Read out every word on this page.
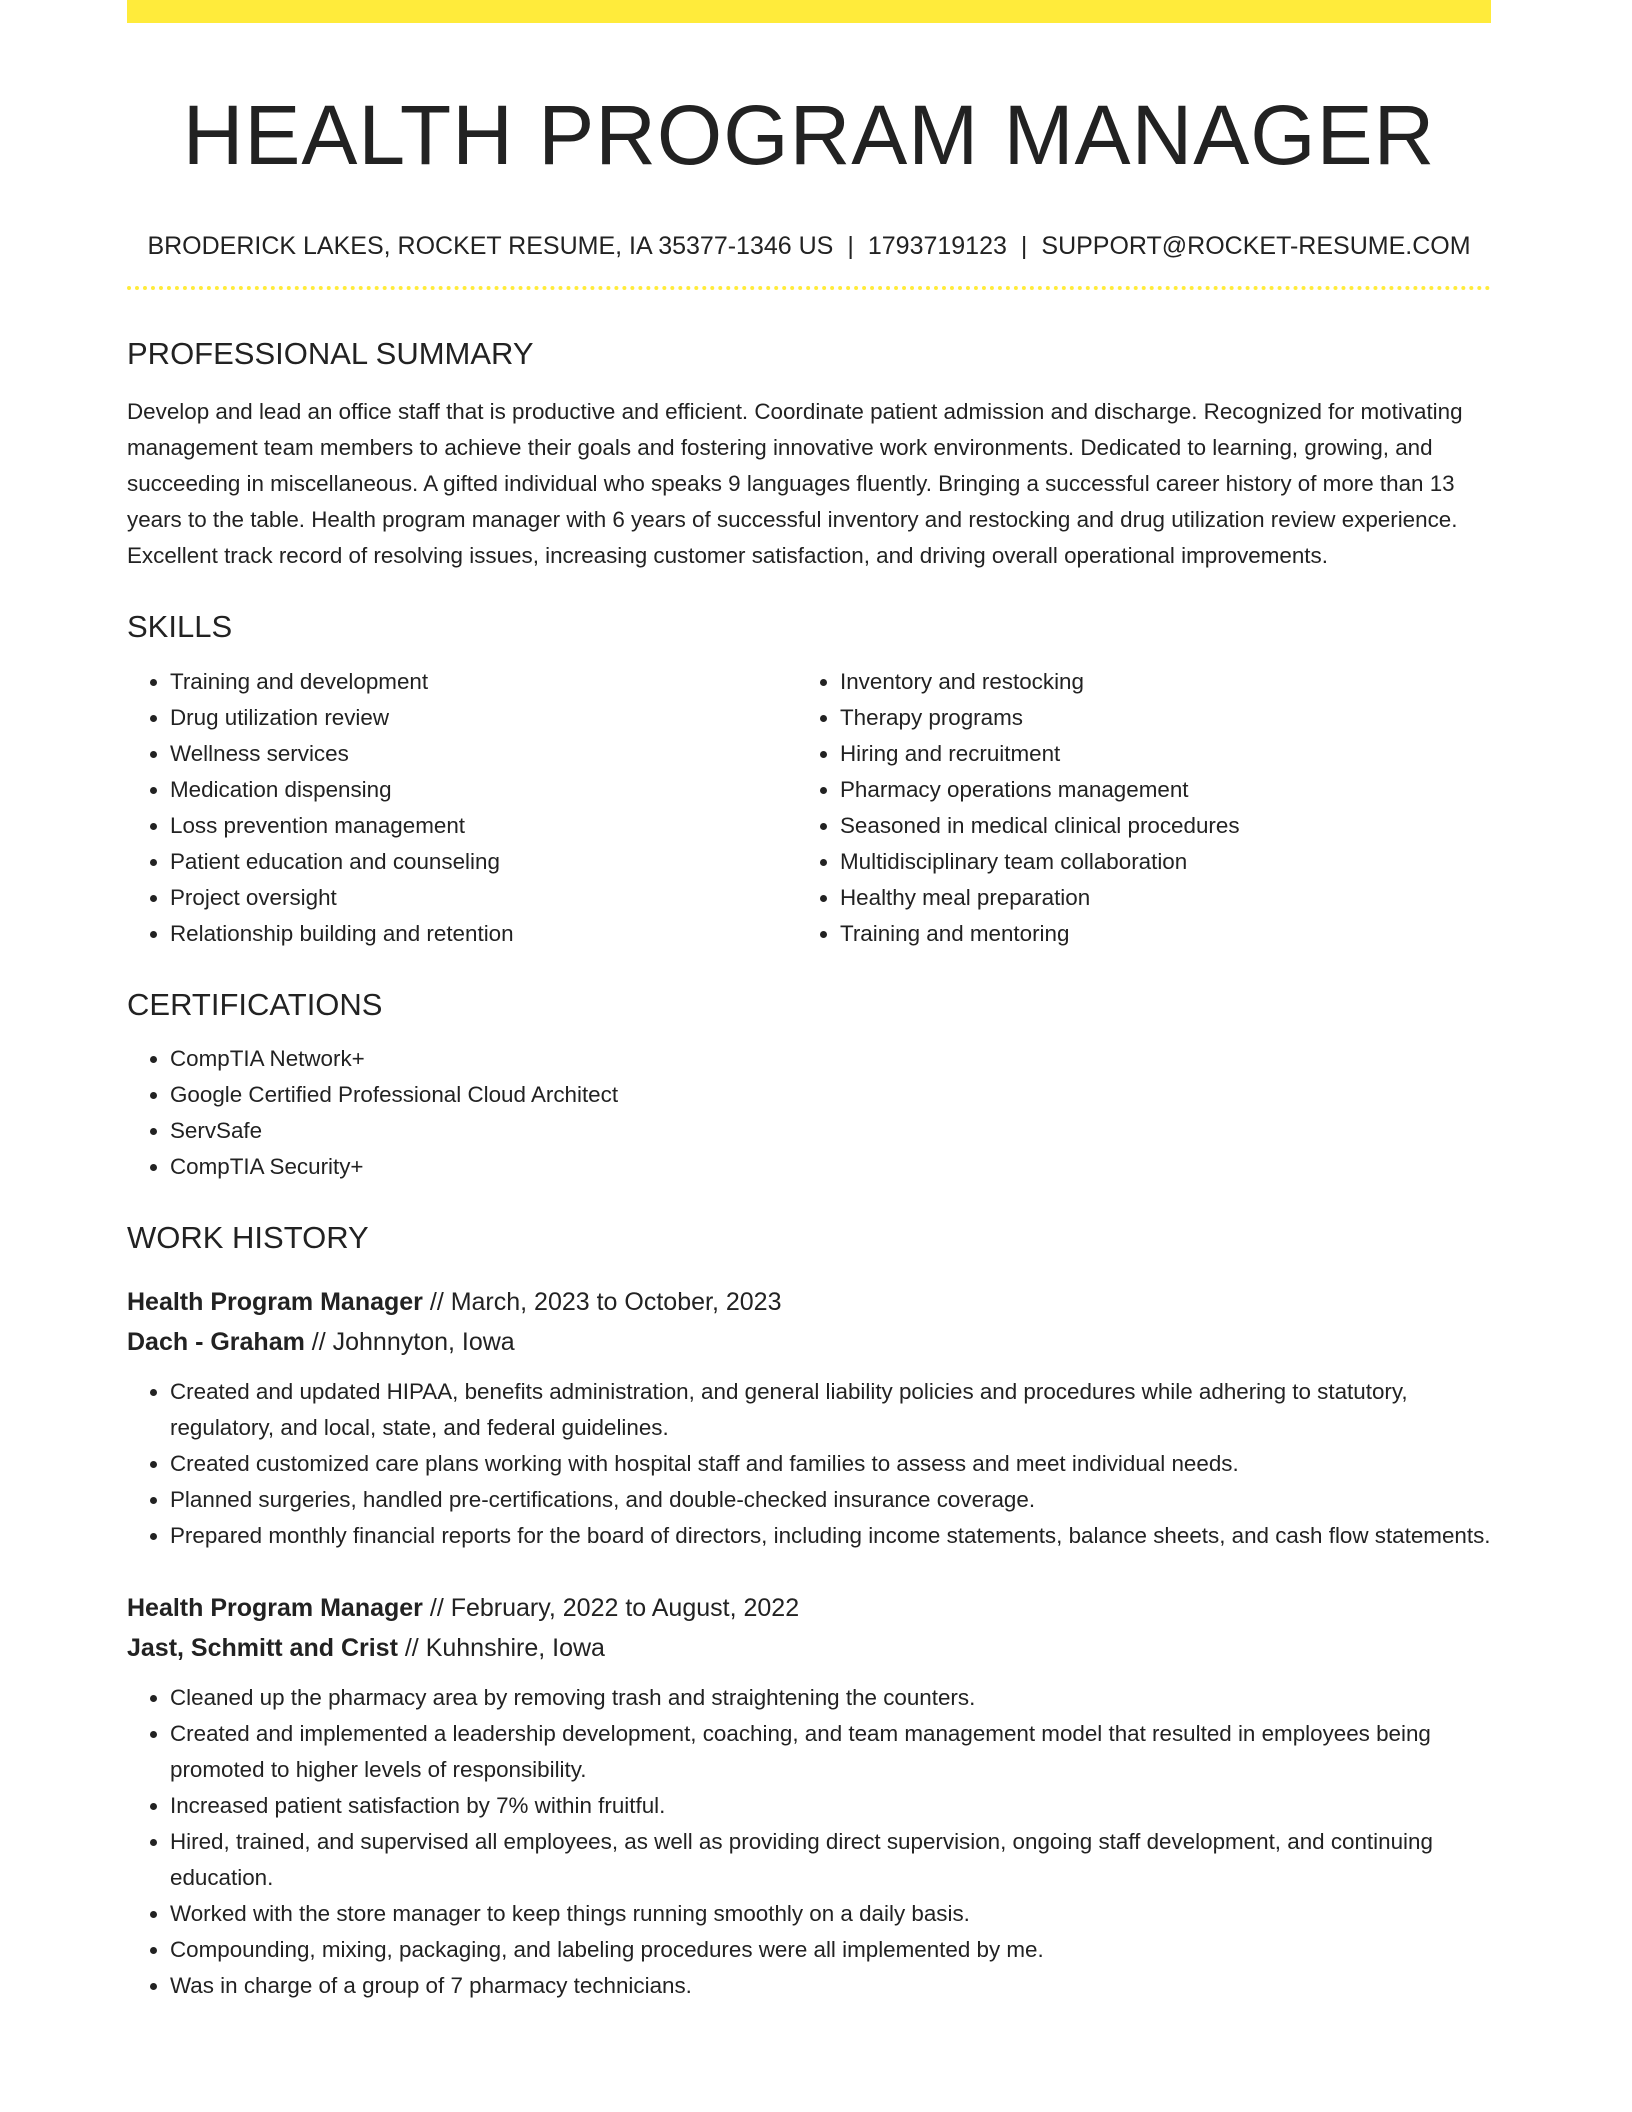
HEALTH PROGRAM MANAGER
BRODERICK LAKES, ROCKET RESUME, IA 35377-1346 US | 1793719123 | SUPPORT@ROCKET-RESUME.COM
PROFESSIONAL SUMMARY

Develop and lead an office staff that is productive and efficient. Coordinate patient admission and discharge. Recognized for motivating management team members to achieve their goals and fostering innovative work environments. Dedicated to learning, growing, and succeeding in miscellaneous. A gifted individual who speaks 9 languages fluently. Bringing a successful career history of more than 13 years to the table. Health program manager with 6 years of successful inventory and restocking and drug utilization review experience. Excellent track record of resolving issues, increasing customer satisfaction, and driving overall operational improvements.

SKILLS
• Training and development
• Drug utilization review
• Wellness services
• Medication dispensing
• Loss prevention management
• Patient education and counseling
• Project oversight
• Relationship building and retention
• Inventory and restocking
• Therapy programs
• Hiring and recruitment
• Pharmacy operations management
• Seasoned in medical clinical procedures
• Multidisciplinary team collaboration
• Healthy meal preparation
• Training and mentoring
CERTIFICATIONS
• CompTIA Network+
• Google Certified Professional Cloud Architect
• ServSafe
• CompTIA Security+
WORK HISTORY
Health Program Manager // March, 2023 to October, 2023
Dach - Graham // Johnnyton, Iowa
• Created and updated HIPAA, benefits administration, and general liability policies and procedures while adhering to statutory, regulatory, and local, state, and federal guidelines.
• Created customized care plans working with hospital staff and families to assess and meet individual needs.
• Planned surgeries, handled pre-certifications, and double-checked insurance coverage.
• Prepared monthly financial reports for the board of directors, including income statements, balance sheets, and cash flow statements.
Health Program Manager // February, 2022 to August, 2022
Jast, Schmitt and Crist // Kuhnshire, Iowa
• Cleaned up the pharmacy area by removing trash and straightening the counters.
• Created and implemented a leadership development, coaching, and team management model that resulted in employees being promoted to higher levels of responsibility.
• Increased patient satisfaction by 7% within fruitful.
• Hired, trained, and supervised all employees, as well as providing direct supervision, ongoing staff development, and continuing education.
• Worked with the store manager to keep things running smoothly on a daily basis.
• Compounding, mixing, packaging, and labeling procedures were all implemented by me.
• Was in charge of a group of 7 pharmacy technicians.
